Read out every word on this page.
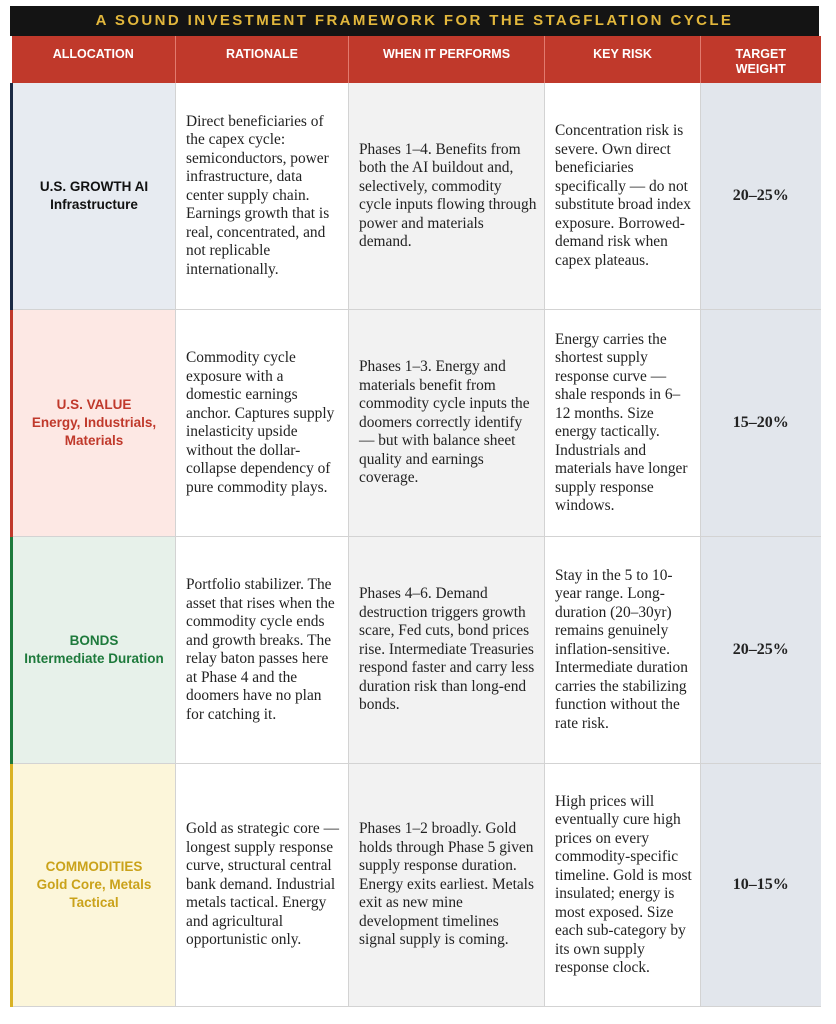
A SOUND INVESTMENT FRAMEWORK FOR THE STAGFLATION CYCLE
ALLOCATION	RATIONALE	WHEN IT PERFORMS	KEY RISK	TARGET
WEIGHT

U.S. GROWTH AI
Infrastructure	Direct beneficiaries of the capex cycle: semiconductors, power infrastructure, data center supply chain. Earnings growth that is real, concentrated, and not replicable internationally.	Phases 1–4. Benefits from both the AI buildout and, selectively, commodity cycle inputs flowing through power and materials demand.	Concentration risk is severe. Own direct beneficiaries specifically — do not substitute broad index exposure. Borrowed-demand risk when capex plateaus.	20–25%

U.S. VALUE
Energy, Industrials, Materials	Commodity cycle exposure with a domestic earnings anchor. Captures supply inelasticity upside without the dollar-collapse dependency of pure commodity plays.	Phases 1–3. Energy and materials benefit from commodity cycle inputs the doomers correctly identify — but with balance sheet quality and earnings coverage.	Energy carries the shortest supply response curve — shale responds in 6–12 months. Size energy tactically. Industrials and materials have longer supply response windows.	15–20%

BONDS
Intermediate Duration	Portfolio stabilizer. The asset that rises when the commodity cycle ends and growth breaks. The relay baton passes here at Phase 4 and the doomers have no plan for catching it.	Phases 4–6. Demand destruction triggers growth scare, Fed cuts, bond prices rise. Intermediate Treasuries respond faster and carry less duration risk than long-end bonds.	Stay in the 5 to 10-year range. Long-duration (20–30yr) remains genuinely inflation-sensitive. Intermediate duration carries the stabilizing function without the rate risk.	20–25%

COMMODITIES
Gold Core, Metals Tactical	Gold as strategic core — longest supply response curve, structural central bank demand. Industrial metals tactical. Energy and agricultural opportunistic only.	Phases 1–2 broadly. Gold holds through Phase 5 given supply response duration. Energy exits earliest. Metals exit as new mine development timelines signal supply is coming.	High prices will eventually cure high prices on every commodity-specific timeline. Gold is most insulated; energy is most exposed. Size each sub-category by its own supply response clock.	10–15%
